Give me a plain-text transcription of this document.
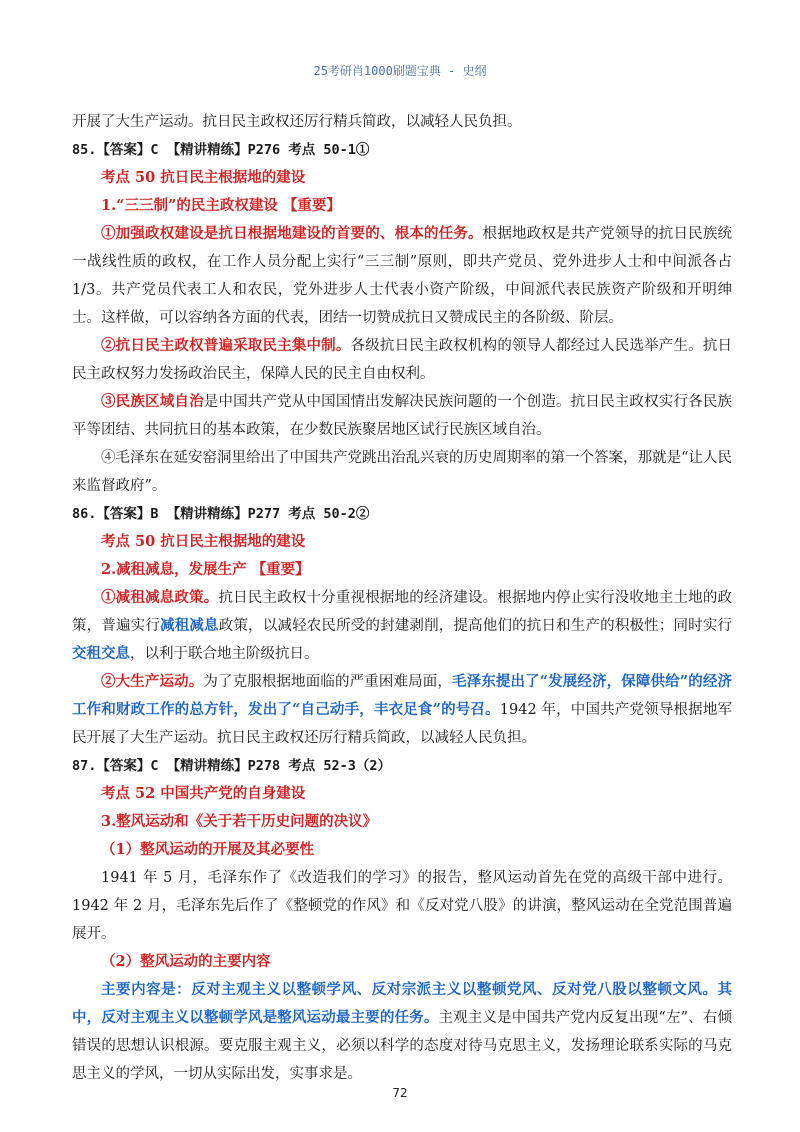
25考研肖1000刷题宝典 - 史纲

开展了大生产运动。抗日民主政权还厉行精兵简政，以减轻人民负担。

85.【答案】C 【精讲精练】P276 考点 50-1①

考点 50 抗日民主根据地的建设

1.“三三制”的民主政权建设 【重要】

①加强政权建设是抗日根据地建设的首要的、根本的任务。根据地政权是共产党领导的抗日民族统一战线性质的政权，在工作人员分配上实行“三三制”原则，即共产党员、党外进步人士和中间派各占 1/3。共产党员代表工人和农民，党外进步人士代表小资产阶级，中间派代表民族资产阶级和开明绅士。这样做，可以容纳各方面的代表，团结一切赞成抗日又赞成民主的各阶级、阶层。

②抗日民主政权普遍采取民主集中制。各级抗日民主政权机构的领导人都经过人民选举产生。抗日民主政权努力发扬政治民主，保障人民的民主自由权利。

③民族区域自治是中国共产党从中国国情出发解决民族问题的一个创造。抗日民主政权实行各民族平等团结、共同抗日的基本政策，在少数民族聚居地区试行民族区域自治。

④毛泽东在延安窑洞里给出了中国共产党跳出治乱兴衰的历史周期率的第一个答案，那就是“让人民来监督政府”。

86.【答案】B 【精讲精练】P277 考点 50-2②

考点 50 抗日民主根据地的建设

2.减租减息，发展生产 【重要】

①减租减息政策。抗日民主政权十分重视根据地的经济建设。根据地内停止实行没收地主土地的政策，普遍实行减租减息政策，以减轻农民所受的封建剥削，提高他们的抗日和生产的积极性；同时实行交租交息，以利于联合地主阶级抗日。

②大生产运动。为了克服根据地面临的严重困难局面，毛泽东提出了“发展经济，保障供给”的经济工作和财政工作的总方针，发出了“自己动手，丰衣足食”的号召。1942 年，中国共产党领导根据地军民开展了大生产运动。抗日民主政权还厉行精兵简政，以减轻人民负担。

87.【答案】C 【精讲精练】P278 考点 52-3（2）

考点 52 中国共产党的自身建设

3.整风运动和《关于若干历史问题的决议》

（1）整风运动的开展及其必要性

1941 年 5 月，毛泽东作了《改造我们的学习》的报告，整风运动首先在党的高级干部中进行。1942 年 2 月，毛泽东先后作了《整顿党的作风》和《反对党八股》的讲演，整风运动在全党范围普遍展开。

（2）整风运动的主要内容

主要内容是：反对主观主义以整顿学风、反对宗派主义以整顿党风、反对党八股以整顿文风。其中，反对主观主义以整顿学风是整风运动最主要的任务。主观主义是中国共产党内反复出现“左”、右倾错误的思想认识根源。要克服主观主义，必须以科学的态度对待马克思主义，发扬理论联系实际的马克思主义的学风，一切从实际出发，实事求是。

72
